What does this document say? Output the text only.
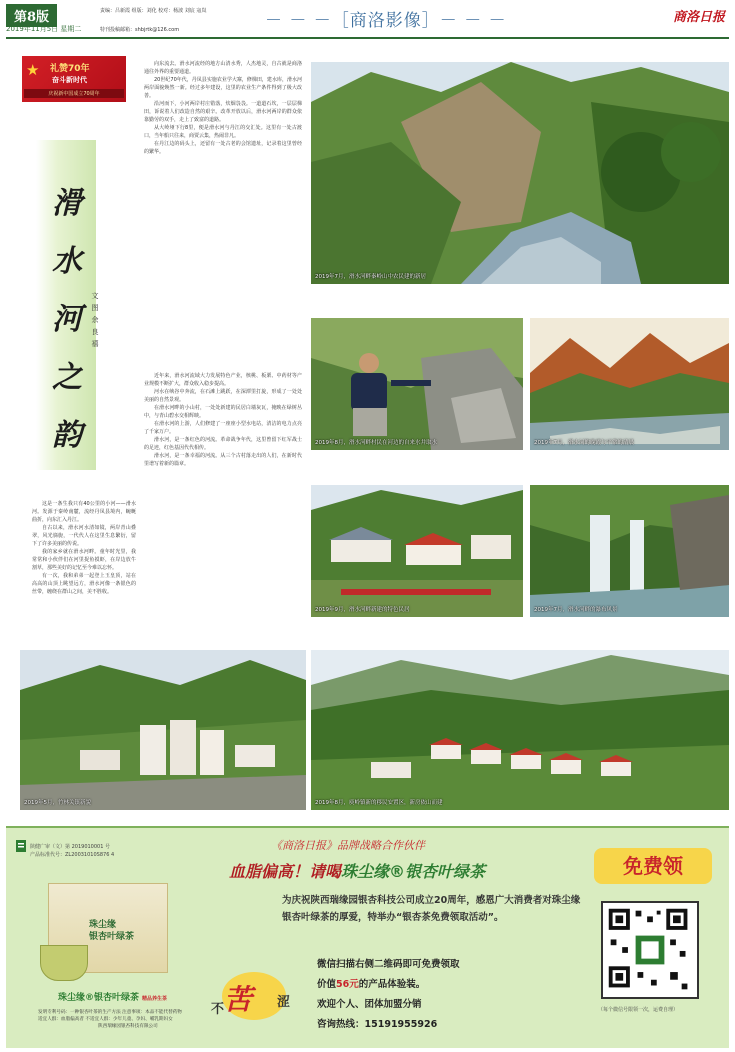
第8版
2019年11月5日 星期二
责编：吕新霞 组版：刘化 校对：杨波 刘宸 寇岚
特刊投稿邮箱：shbjrtk@126.com	－ － －［商洛影像］－ － －	商洛日报
★ 礼赞70年
奋斗新时代
庆祝新中国成立70周年
滑
水
河
之
韵
文图 余良禧

这是一条生我只有40公里的小河——滑水河。发源于秦岭南麓，流经丹凤县境内，蜿蜒曲折，向东汇入丹江。

自古以来，滑水河水清如镜，两岸青山叠翠，风光旖旎，一代代人在这里生息繁衍，留下了许多美丽的传说。

我的家乡就在滑水河畔。童年时光里，我常常和小伙伴们在河里捉鱼摸虾，在岸边放牛割草，那些美好的记忆至今难以忘怀。

有一次，我和弟弟一起登上玉皇顶，站在高高的山顶上眺望远方，滑水河像一条银色的丝带，缠绕在群山之间，美不胜收。

向东流去。滑水河流经的地方山清水秀，人杰地灵，自古就是商洛通往外界的重要通道。

20世纪70年代，丹凤县实施农业学大寨，修梯田，建水库，滑水河两岸面貌焕然一新。经过多年建设，这里的农业生产条件得到了极大改善。

沿河而下，小河两岸村庄错落，炊烟袅袅。一道道石坎，一层层梯田，诉说着人们改造自然的艰辛。改革开放以后，滑水河两岸的群众依靠勤劳的双手，走上了致富的道路。

从大岭垭下行8里，便是滑水河与丹江的交汇处。这里有一处古渡口，当年船只往来，商贾云集，热闹非凡。

在丹江边的码头上，还留有一处古老的会馆遗址，记录着这里曾经的繁华。

近年来，滑水河流域大力发展特色产业，核桃、板栗、中药材等产业规模不断扩大，群众收入稳步提高。

河水在峡谷中奔流，在石滩上跳跃，在深潭里打旋，形成了一处处美丽的自然景观。

在滑水河畔的小山村，一处处新建的民居白墙灰瓦，掩映在绿树丛中，与青山碧水交相辉映。

在滑水河的上游，人们修建了一座座小型水电站，清洁的电力点亮了千家万户。

滑水河，是一条红色的河流。革命战争年代，这里曾留下红军战士的足迹，红色基因代代相传。

滑水河，是一条幸福的河流。从三个古村落走出的人们，在新时代里谱写着新的篇章。

2019年7月，滑水河畔秦岭山中农民建的新居
2019年8月，滑水河畔村民在河边的自来水井取水	2019年7月，滑水河的晚霞与平常的清晨
2019年9月，滑水河畔新建的特色民居	2019年7月，滑水河畔的瀑布风景
2019年5月，竹林关镇新貌	2019年8月，庾岭镇新的移民安置区，新房依山而建
陕健广审（文）第 2019010001 号
产品标准代号：ZL20031010S876 4
《商洛日报》品牌战略合作伙伴
血脂偏高！请喝珠尘缘®银杏叶绿茶	免费领
珠尘缘
银杏叶绿茶
珠尘缘®银杏叶绿茶 精品养生茶
发明专利号码：一种银杏叶茶的生产方法 注意事项：本品不能代替药物
适宜人群：血脂偏高者 不适宜人群：少年儿童、孕妇、哺乳期妇女
陕西瑞缘园银杏科技有限公司
苦
不	涩
为庆祝陕西瑞缘园银杏科技公司成立20周年，感恩广大消费者对珠尘缘银杏叶绿茶的厚爱，特举办“银杏茶免费领取活动”。
微信扫描右侧二维码即可免费领取
价值56元的产品体验装。
欢迎个人、团体加盟分销
咨询热线：15191955926
（每个微信号限领一次，运费自理）
